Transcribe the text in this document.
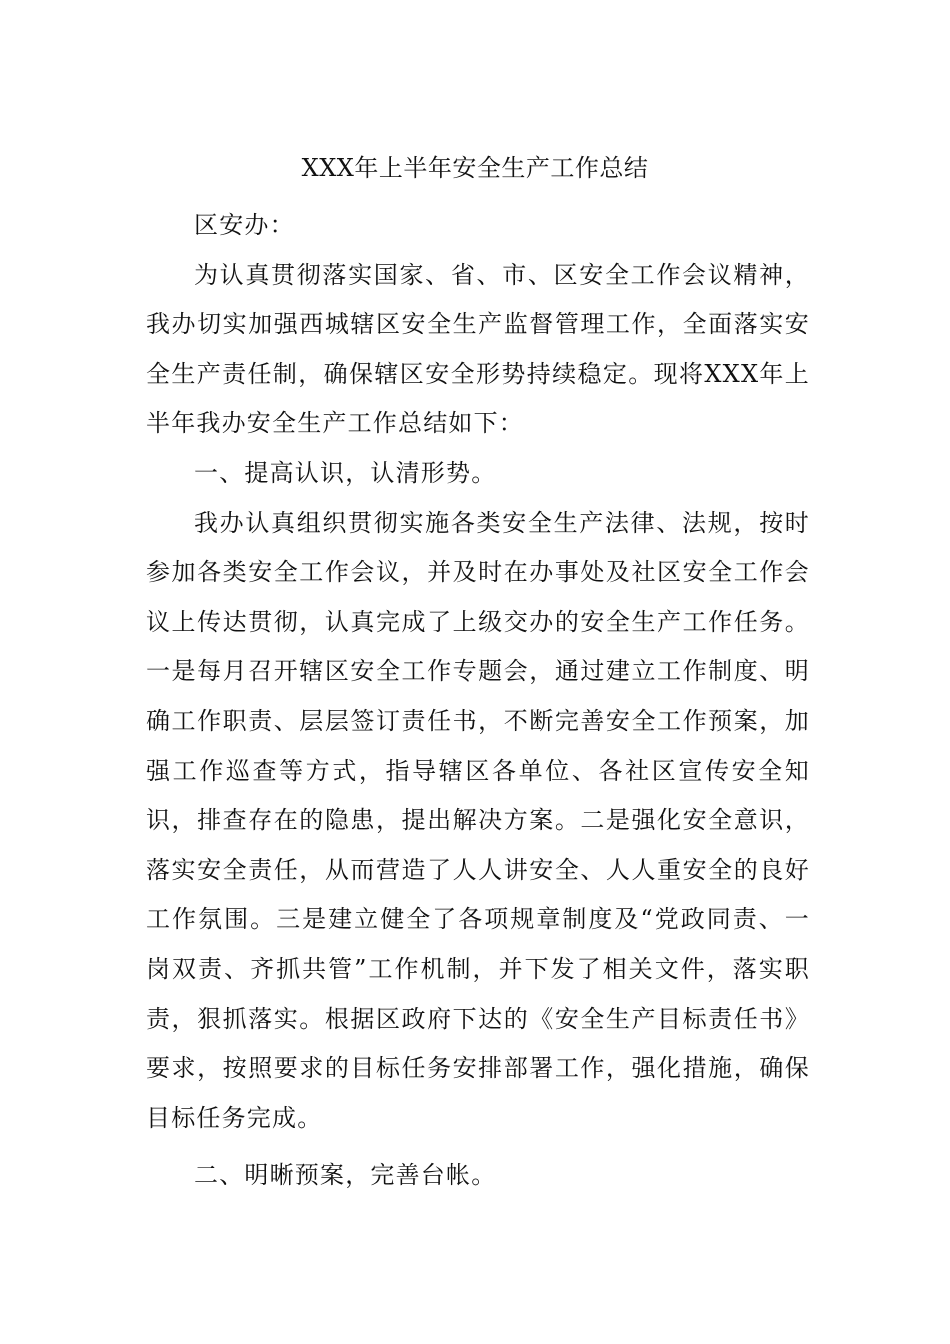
XXX年上半年安全生产工作总结

区安办：

为认真贯彻落实国家、省、市、区安全工作会议精神，我办切实加强西城辖区安全生产监督管理工作，全面落实安全生产责任制，确保辖区安全形势持续稳定。现将XXX年上半年我办安全生产工作总结如下：

一、提高认识，认清形势。

我办认真组织贯彻实施各类安全生产法律、法规，按时参加各类安全工作会议，并及时在办事处及社区安全工作会议上传达贯彻，认真完成了上级交办的安全生产工作任务。一是每月召开辖区安全工作专题会，通过建立工作制度、明确工作职责、层层签订责任书，不断完善安全工作预案，加强工作巡查等方式，指导辖区各单位、各社区宣传安全知识，排查存在的隐患，提出解决方案。二是强化安全意识，落实安全责任，从而营造了人人讲安全、人人重安全的良好工作氛围。三是建立健全了各项规章制度及“党政同责、一岗双责、齐抓共管”工作机制，并下发了相关文件，落实职责，狠抓落实。根据区政府下达的《安全生产目标责任书》要求，按照要求的目标任务安排部署工作，强化措施，确保目标任务完成。

二、明晰预案，完善台帐。
